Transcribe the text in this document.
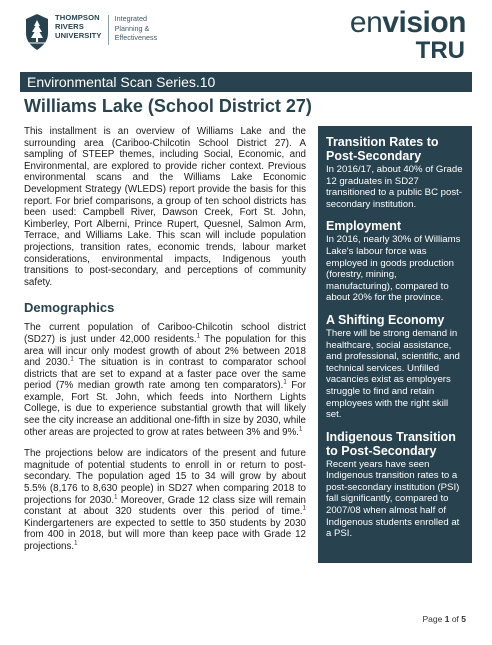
THOMPSON
RIVERS
UNIVERSITY
Integrated
Planning &
Effectiveness	envision
TRU
Environmental Scan Series.10
Williams Lake (School District 27)

This installment is an overview of Williams Lake and the surrounding area (Cariboo-Chilcotin School District 27). A sampling of STEEP themes, including Social, Economic, and Environmental, are explored to provide richer context. Previous environmental scans and the Williams Lake Economic Development Strategy (WLEDS) report provide the basis for this report. For brief comparisons, a group of ten school districts has been used: Campbell River, Dawson Creek, Fort St. John, Kimberley, Port Alberni, Prince Rupert, Quesnel, Salmon Arm, Terrace, and Williams Lake. This scan will include population projections, transition rates, economic trends, labour market considerations, environmental impacts, Indigenous youth transitions to post-secondary, and perceptions of community safety.

Demographics

The current population of Cariboo-Chilcotin school district (SD27) is just under 42,000 residents.$^1$ The population for this area will incur only modest growth of about 2% between 2018 and 2030.$^1$ The situation is in contrast to comparator school districts that are set to expand at a faster pace over the same period (7% median growth rate among ten comparators).$^1$ For example, Fort St. John, which feeds into Northern Lights College, is due to experience substantial growth that will likely see the city increase an additional one-fifth in size by 2030, while other areas are projected to grow at rates between 3% and 9%.$^1$

The projections below are indicators of the present and future magnitude of potential students to enroll in or return to post-secondary. The population aged 15 to 34 will grow by about 5.5% (8,176 to 8,630 people) in SD27 when comparing 2018 to projections for 2030.$^1$ Moreover, Grade 12 class size will remain constant at about 320 students over this period of time.$^1$ Kindergarteners are expected to settle to 350 students by 2030 from 400 in 2018, but will more than keep pace with Grade 12 projections.$^1$

Transition Rates to Post-Secondary
In 2016/17, about 40% of Grade 12 graduates in SD27 transitioned to a public BC post-secondary institution.
Employment
In 2016, nearly 30% of Williams Lake's labour force was employed in goods production (forestry, mining, manufacturing), compared to about 20% for the province.
A Shifting Economy
There will be strong demand in healthcare, social assistance, and professional, scientific, and technical services. Unfilled vacancies exist as employers struggle to find and retain employees with the right skill set.
Indigenous Transition to Post-Secondary
Recent years have seen Indigenous transition rates to a post-secondary institution (PSI) fall significantly, compared to 2007/08 when almost half of Indigenous students enrolled at a PSI.
Page 1 of 5
